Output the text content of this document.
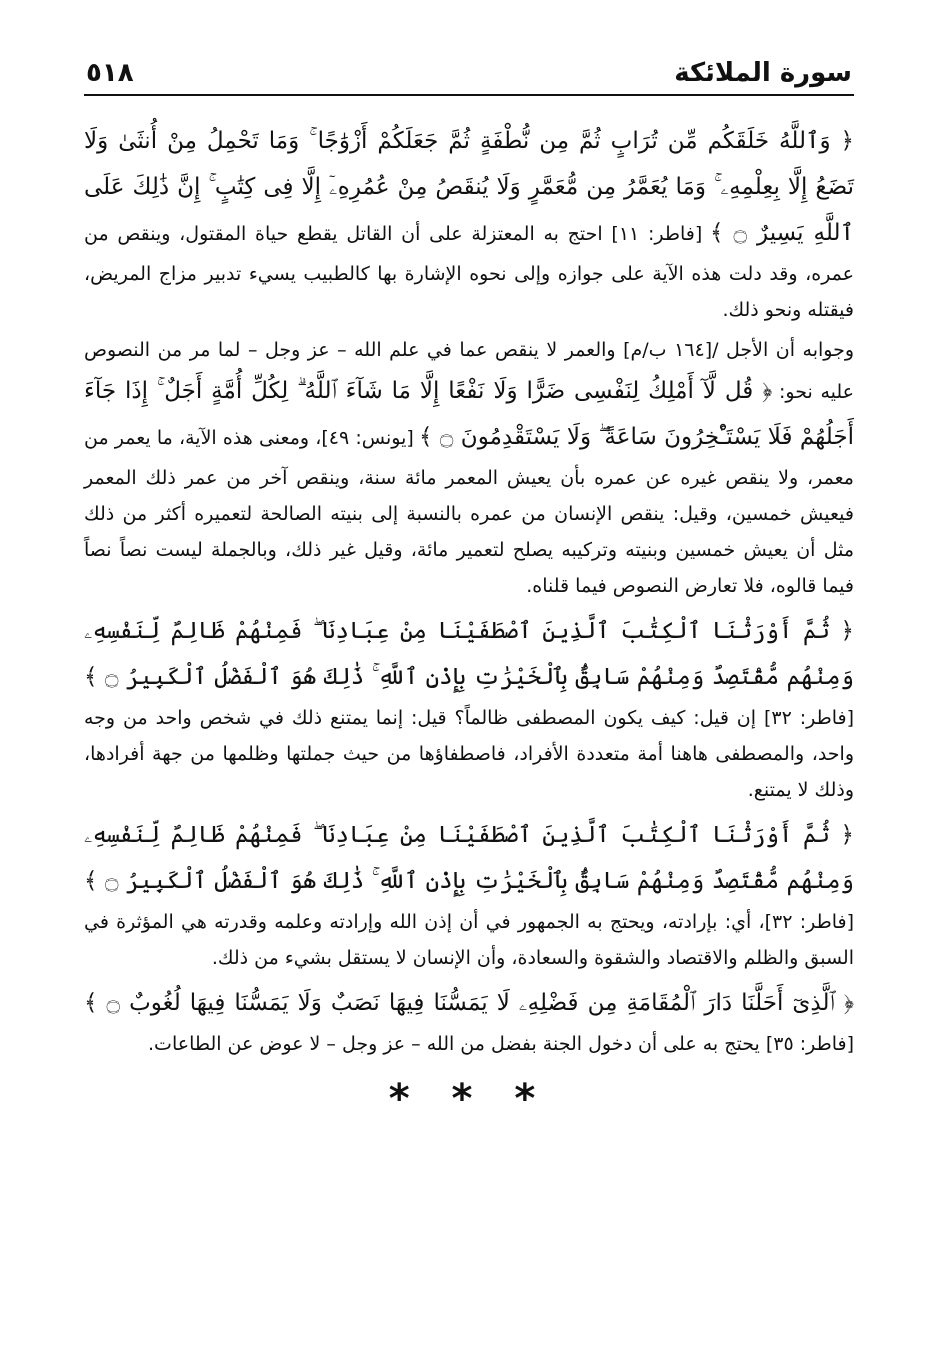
سورة الملائكة
٥١٨

﴿ وَٱللَّهُ خَلَقَكُم مِّن تُرَابٍ ثُمَّ مِن نُّطْفَةٍ ثُمَّ جَعَلَكُمْ أَزْوَٰجًا ۚ وَمَا تَحْمِلُ مِنْ أُنثَىٰ وَلَا تَضَعُ إِلَّا بِعِلْمِهِۦ ۚ وَمَا يُعَمَّرُ مِن مُّعَمَّرٍ وَلَا يُنقَصُ مِنْ عُمُرِهِۦٓ إِلَّا فِى كِتَٰبٍ ۚ إِنَّ ذَٰلِكَ عَلَى ٱللَّهِ يَسِيرٌ ۝ ﴾ [فاطر: ١١] احتج به المعتزلة على أن القاتل يقطع حياة المقتول، وينقص من عمره، وقد دلت هذه الآية على جوازه وإلى نحوه الإشارة بها كالطبيب يسيء تدبير مزاج المريض، فيقتله ونحو ذلك.

وجوابه أن الأجل /[١٦٤ ب/م] والعمر لا ينقص عما في علم الله – عز وجل – لما مر من النصوص عليه نحو: ﴿ قُل لَّآ أَمْلِكُ لِنَفْسِى ضَرًّا وَلَا نَفْعًا إِلَّا مَا شَآءَ ٱللَّهُ ۗ لِكُلِّ أُمَّةٍ أَجَلٌ ۚ إِذَا جَآءَ أَجَلُهُمْ فَلَا يَسْتَـْٔخِرُونَ سَاعَةً ۖ وَلَا يَسْتَقْدِمُونَ ۝ ﴾ [يونس: ٤٩]، ومعنى هذه الآية، ما يعمر من معمر، ولا ينقص غيره عن عمره بأن يعيش المعمر مائة سنة، وينقص آخر من عمر ذلك المعمر فيعيش خمسين، وقيل: ينقص الإنسان من عمره بالنسبة إلى بنيته الصالحة لتعميره أكثر من ذلك مثل أن يعيش خمسين وبنيته وتركيبه يصلح لتعمير مائة، وقيل غير ذلك، وبالجملة ليست نصاً نصاً فيما قالوه، فلا تعارض النصوص فيما قلناه.

﴿ ثُمَّ أَوْرَثْنَا ٱلْكِتَٰبَ ٱلَّذِينَ ٱصْطَفَيْنَا مِنْ عِبَادِنَا ۖ فَمِنْهُمْ ظَالِمٌ لِّنَفْسِهِۦ وَمِنْهُم مُّقْتَصِدٌ وَمِنْهُمْ سَابِقٌۢ بِٱلْخَيْرَٰتِ بِإِذْنِ ٱللَّهِ ۚ ذَٰلِكَ هُوَ ٱلْفَضْلُ ٱلْكَبِيرُ ۝ ﴾ [فاطر: ٣٢] إن قيل: كيف يكون المصطفى ظالماً؟ قيل: إنما يمتنع ذلك في شخص واحد من وجه واحد، والمصطفى هاهنا أمة متعددة الأفراد، فاصطفاؤها من حيث جملتها وظلمها من جهة أفرادها، وذلك لا يمتنع.

﴿ ثُمَّ أَوْرَثْنَا ٱلْكِتَٰبَ ٱلَّذِينَ ٱصْطَفَيْنَا مِنْ عِبَادِنَا ۖ فَمِنْهُمْ ظَالِمٌ لِّنَفْسِهِۦ وَمِنْهُم مُّقْتَصِدٌ وَمِنْهُمْ سَابِقٌۢ بِٱلْخَيْرَٰتِ بِإِذْنِ ٱللَّهِ ۚ ذَٰلِكَ هُوَ ٱلْفَضْلُ ٱلْكَبِيرُ ۝ ﴾ [فاطر: ٣٢]، أي: بإرادته، ويحتج به الجمهور في أن إذن الله وإرادته وعلمه وقدرته هي المؤثرة في السبق والظلم والاقتصاد والشقوة والسعادة، وأن الإنسان لا يستقل بشيء من ذلك.

﴿ ٱلَّذِىٓ أَحَلَّنَا دَارَ ٱلْمُقَامَةِ مِن فَضْلِهِۦ لَا يَمَسُّنَا فِيهَا نَصَبٌ وَلَا يَمَسُّنَا فِيهَا لُغُوبٌ ۝ ﴾ [فاطر: ٣٥] يحتج به على أن دخول الجنة بفضل من الله – عز وجل – لا عوض عن الطاعات.

* * *
